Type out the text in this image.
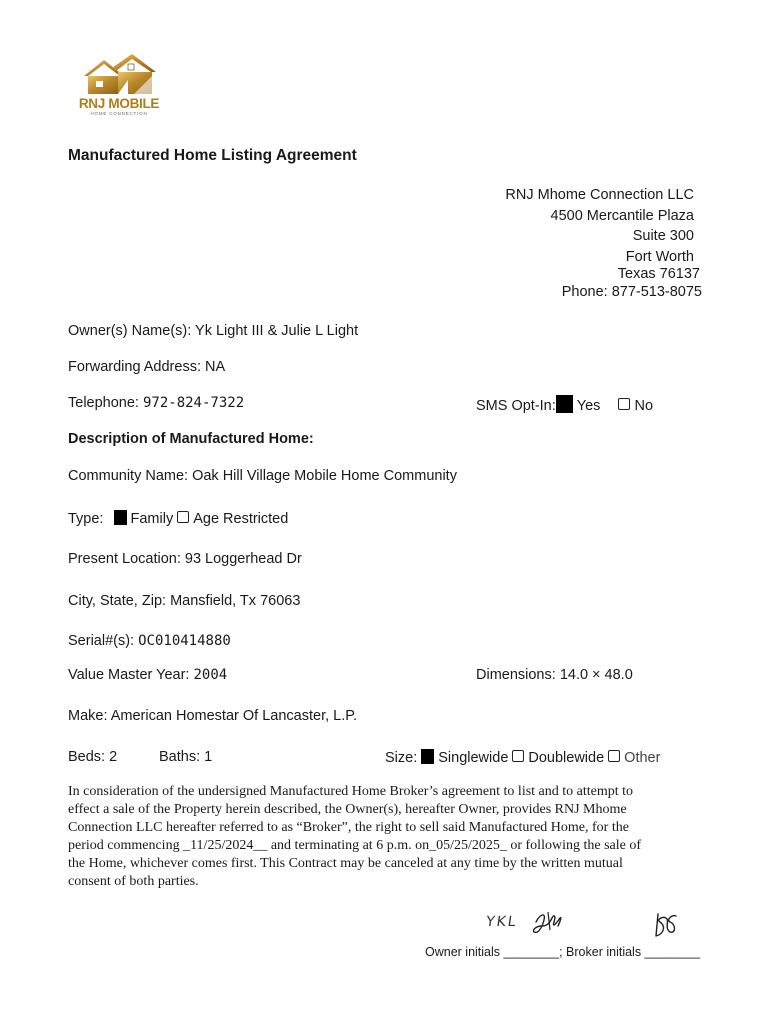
RNJ MOBILE
HOME CONNECTION
Manufactured Home Listing Agreement
RNJ Mhome Connection LLC
4500 Mercantile Plaza
Suite 300
Fort Worth
Texas 76137
Phone: 877-513-8075
Owner(s) Name(s): Yk Light III & Julie L Light
Forwarding Address: NA
Telephone: 972-824-7322	SMS Opt-In: Yes No
Description of Manufactured Home:
Community Name: Oak Hill Village Mobile Home Community
Type: Family Age Restricted
Present Location: 93 Loggerhead Dr
City, State, Zip: Mansfield, Tx 76063
Serial#(s): OC010414880
Value Master Year: 2004	Dimensions: 14.0 × 48.0
Make: American Homestar Of Lancaster, L.P.
Beds: 2	Baths: 1	Size: Singlewide Doublewide Other
In consideration of the undersigned Manufactured Home Broker’s agreement to list and to attempt to
effect a sale of the Property herein described, the Owner(s), hereafter Owner, provides RNJ Mhome
Connection LLC hereafter referred to as “Broker”, the right to sell said Manufactured Home, for the
period commencing _11/25/2024__ and terminating at 6 p.m. on_05/25/2025_ or following the sale of
the Home, whichever comes first. This Contract may be canceled at any time by the written mutual
consent of both parties.
YKL
Owner initials ________; Broker initials ________
